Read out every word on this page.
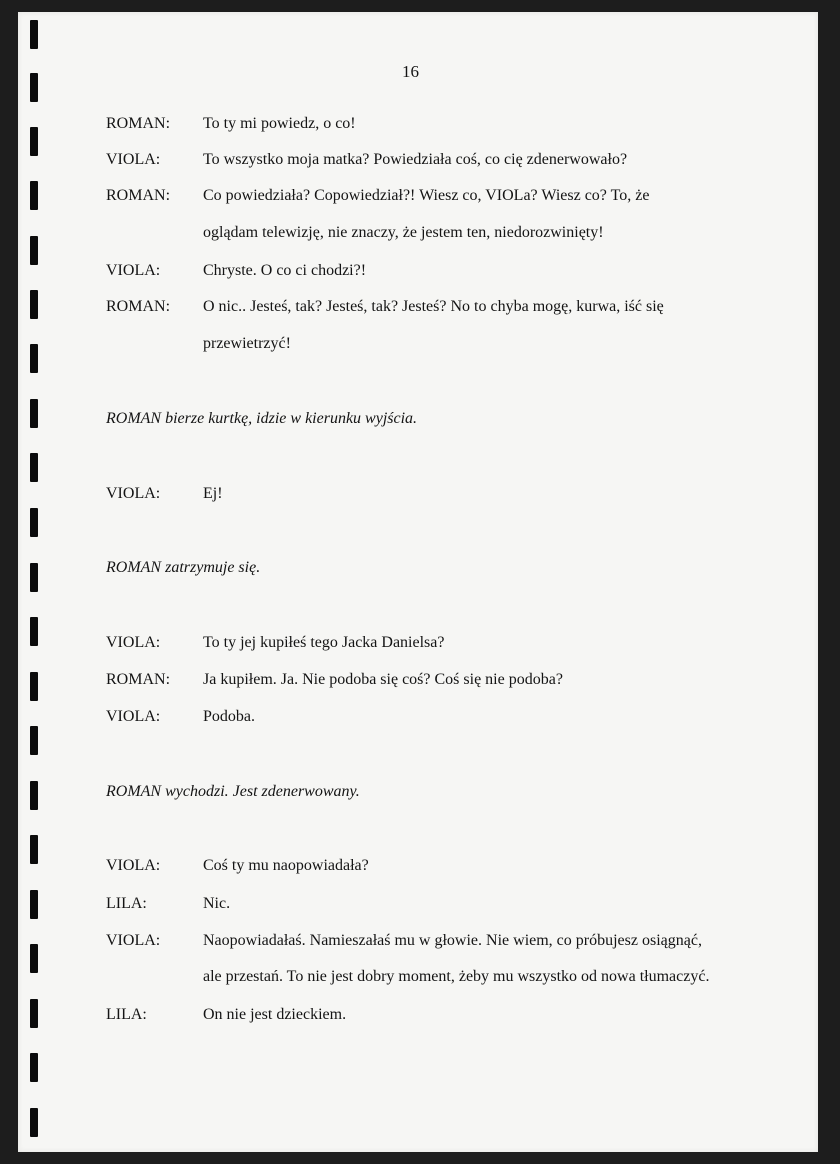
16
ROMAN: To ty mi powiedz, o co!
VIOLA:	To wszystko moja matka? Powiedziała coś, co cię zdenerwowało?
ROMAN: Co powiedziała? Copowiedział?! Wiesz co, VIOLa? Wiesz co? To, że
oglądam telewizję, nie znaczy, że jestem ten, niedorozwinięty!
VIOLA:	Chryste. O co ci chodzi?!
ROMAN: O nic.. Jesteś, tak? Jesteś, tak? Jesteś? No to chyba mogę, kurwa, iść się
przewietrzyć!
ROMAN bierze kurtkę, idzie w kierunku wyjścia.
VIOLA:	Ej!
ROMAN zatrzymuje się.
VIOLA:	To ty jej kupiłeś tego Jacka Danielsa?
ROMAN: Ja kupiłem. Ja. Nie podoba się coś? Coś się nie podoba?
VIOLA:	Podoba.
ROMAN wychodzi. Jest zdenerwowany.
VIOLA:	Coś ty mu naopowiadała?
LILA:	Nic.
VIOLA:	Naopowiadałaś. Namieszałaś mu w głowie. Nie wiem, co próbujesz osiągnąć,
ale przestań. To nie jest dobry moment, żeby mu wszystko od nowa tłumaczyć.
LILA:	On nie jest dzieckiem.
